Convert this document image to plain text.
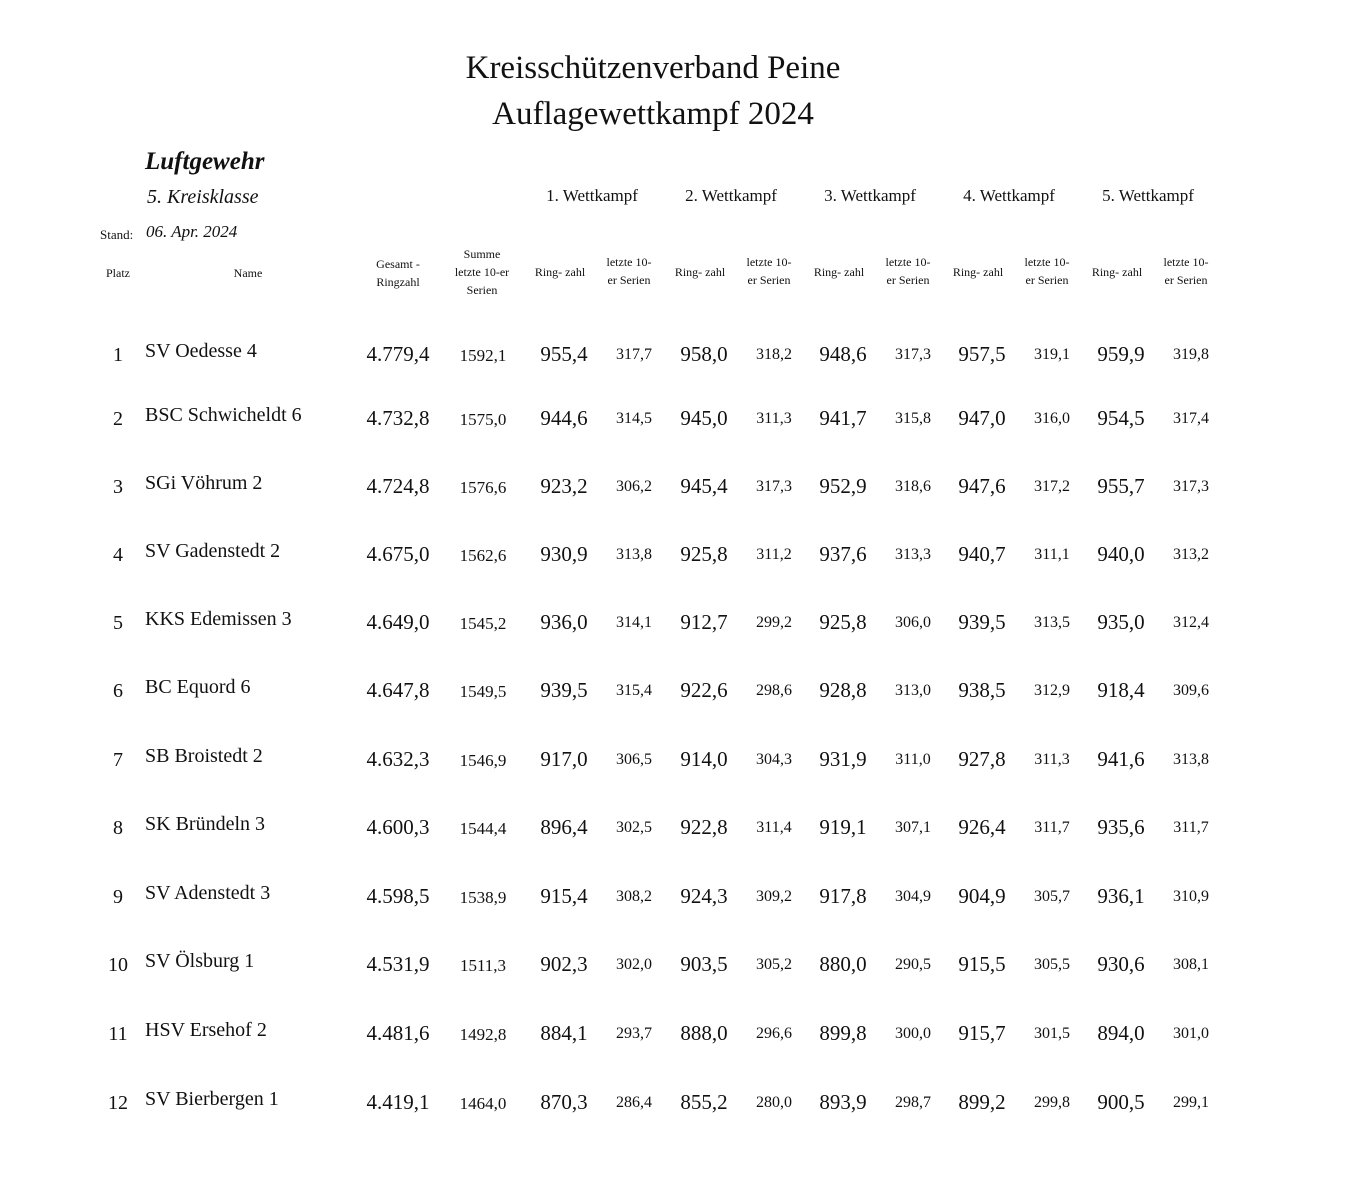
Kreisschützenverband Peine
Auflagewettkampf 2024
Luftgewehr
5. Kreisklasse
Stand: 06. Apr. 2024
1. Wettkampf	2. Wettkampf	3. Wettkampf	4. Wettkampf	5. Wettkampf
Platz	Name
Gesamt -
Ringzahl
Summe
letzte 10-er
Serien
Ring- zahl
letzte 10-
er Serien
Ring- zahl
letzte 10-
er Serien
Ring- zahl
letzte 10-
er Serien
Ring- zahl
letzte 10-
er Serien
Ring- zahl
letzte 10-
er Serien
1	SV Oedesse 4	4.779,4	1592,1	955,4	317,7	958,0	318,2	948,6	317,3	957,5	319,1	959,9	319,8
2	BSC Schwicheldt 6	4.732,8	1575,0	944,6	314,5	945,0	311,3	941,7	315,8	947,0	316,0	954,5	317,4
3	SGi Vöhrum 2	4.724,8	1576,6	923,2	306,2	945,4	317,3	952,9	318,6	947,6	317,2	955,7	317,3
4	SV Gadenstedt 2	4.675,0	1562,6	930,9	313,8	925,8	311,2	937,6	313,3	940,7	311,1	940,0	313,2
5	KKS Edemissen 3	4.649,0	1545,2	936,0	314,1	912,7	299,2	925,8	306,0	939,5	313,5	935,0	312,4
6	BC Equord 6	4.647,8	1549,5	939,5	315,4	922,6	298,6	928,8	313,0	938,5	312,9	918,4	309,6
7	SB Broistedt 2	4.632,3	1546,9	917,0	306,5	914,0	304,3	931,9	311,0	927,8	311,3	941,6	313,8
8	SK Bründeln 3	4.600,3	1544,4	896,4	302,5	922,8	311,4	919,1	307,1	926,4	311,7	935,6	311,7
9	SV Adenstedt 3	4.598,5	1538,9	915,4	308,2	924,3	309,2	917,8	304,9	904,9	305,7	936,1	310,9
10 SV Ölsburg 1	4.531,9	1511,3	902,3	302,0	903,5	305,2	880,0	290,5	915,5	305,5	930,6	308,1
11 HSV Ersehof 2	4.481,6	1492,8	884,1	293,7	888,0	296,6	899,8	300,0	915,7	301,5	894,0	301,0
12 SV Bierbergen 1	4.419,1	1464,0	870,3	286,4	855,2	280,0	893,9	298,7	899,2	299,8	900,5	299,1
